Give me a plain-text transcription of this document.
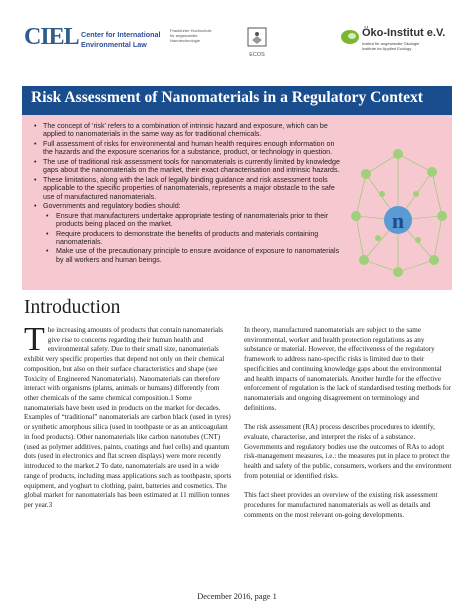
CIEL Center for International
Environmental Law
Frankfurter Hochschule
für angewandte
Nanotechnologie
ECOS
Öko-Institut e.V.
Institut für angewandte Ökologie
Institute for Applied Ecology
Risk Assessment of Nanomaterials in a Regulatory Context
• The concept of ‘risk’ refers to a combination of intrinsic hazard and exposure, which can be applied to nanomaterials in the same way as for traditional chemicals.
• Full assessment of risks for environmental and human health requires enough information on the hazards and the exposure scenarios for a substance, product, or technology in question.
• The use of traditional risk assessment tools for nanomaterials is currently limited by knowledge gaps about the nanomaterials on the market, their exact characterisation and intrinsic hazards.
• These limitations, along with the lack of legally binding guidance and risk assessment tools applicable to the specific properties of nanomaterials, represents a major obstacle to the safe use of manufactured nanomaterials.
• Governments and regulatory bodies should:
• Ensure that manufacturers undertake appropriate testing of nanomaterials prior to their products being placed on the market.
• Require producers to demonstrate the benefits of products and materials containing nanomaterials.
• Make use of the precautionary principle to ensure avoidance of exposure to nanomaterials by all workers and human beings.
n
Introduction

The increasing amounts of products that contain nanomaterials give rise to concerns regarding their human health and environmental safety. Due to their small size, nanomaterials exhibit very specific properties that depend not only on their chemical composition, but also on their surface characteristics and shape (see Toxicity of Engineered Nanomaterials). Nanomaterials can therefore interact with organisms (plants, animals or humans) differently from other chemicals of the same chemical composition.1 Some nanomaterials have been used in products on the market for decades. Examples of “traditional” nanomaterials are carbon black (used in tyres) or synthetic amorphous silica (used in toothpaste or as an anticoagulant in food products). Other nanomaterials like carbon nanotubes (CNT) (used as polymer additives, paints, coatings and fuel cells) and quantum dots (used in electronics and flat screen displays) were more recently introduced to the market.2 To date, nanomaterials are used in a wide range of products, including mass applications such as toothpaste, sports equipment, and yoghurt to clothing, paint, batteries and cosmetics. The global market for nanomaterials has been estimated at 11 million tonnes per year.3

In theory, manufactured nanomaterials are subject to the same environmental, worker and health protection regulations as any substance or material. However, the effectiveness of the regulatory framework to address nano-specific risks is limited due to their specificities and continuing knowledge gaps about the environmental and health impacts of nanomaterials. Another hurdle for the effective enforcement of regulation is the lack of standardised testing methods for nanomaterials and ongoing disagreement on terminology and definitions.

The risk assessment (RA) process describes procedures to identify, evaluate, characterise, and interpret the risks of a substance. Governments and regulatory bodies use the outcomes of RAs to adopt risk-management measures, i.e.: the measures put in place to protect the health and safety of the public, consumers, workers and the environment from potential or identified risks.

This fact sheet provides an overview of the existing risk assessment procedures for manufactured nanomaterials as well as details and comments on the most relevant on-going developments.

December 2016, page 1
